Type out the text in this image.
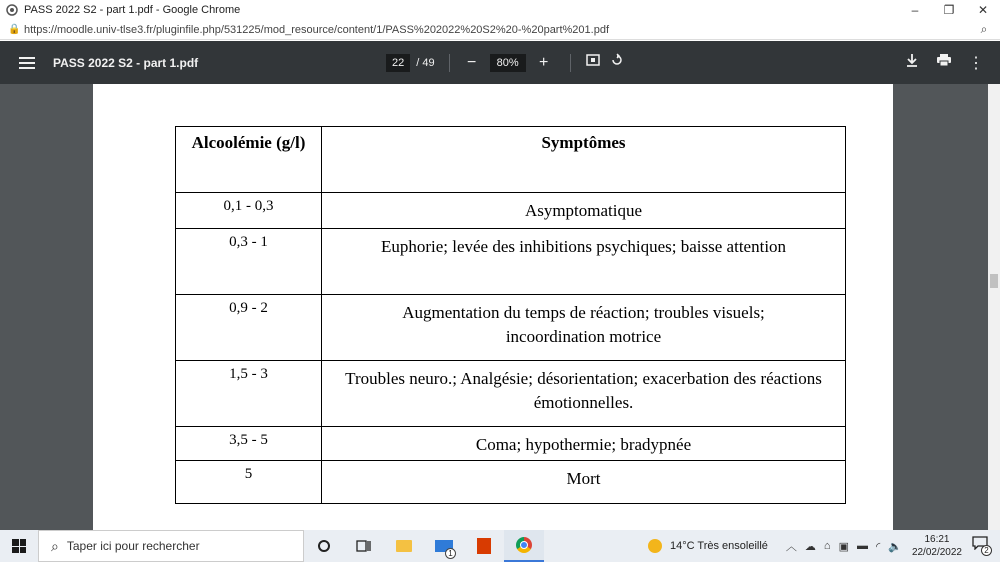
PASS 2022 S2 - part 1.pdf - Google Chrome	–	❐	✕
🔒 https://moodle.univ-tlse3.fr/pluginfile.php/531225/mod_resource/content/1/PASS%202022%20S2%20-%20part%201.pdf	⌕
PASS 2022 S2 - part 1.pdf	22	/ 49	−	80%	+	⋮
Alcoolémie (g/l)	Symptômes
0,1 - 0,3	Asymptomatique
0,3 - 1	Euphorie; levée des inhibitions psychiques; baisse attention
0,9 - 2	Augmentation du temps de réaction; troubles visuels; incoordination motrice
1,5 - 3	Troubles neuro.; Analgésie; désorientation; exacerbation des réactions émotionnelles.
3,5 - 5	Coma; hypothermie; bradypnée
5	Mort
⌕ Taper ici pour rechercher
1
14°C Très ensoleillé ︿ ☁ ⌂ ▣ ▬ ◜ 🔈
16:21
22/02/2022	2
